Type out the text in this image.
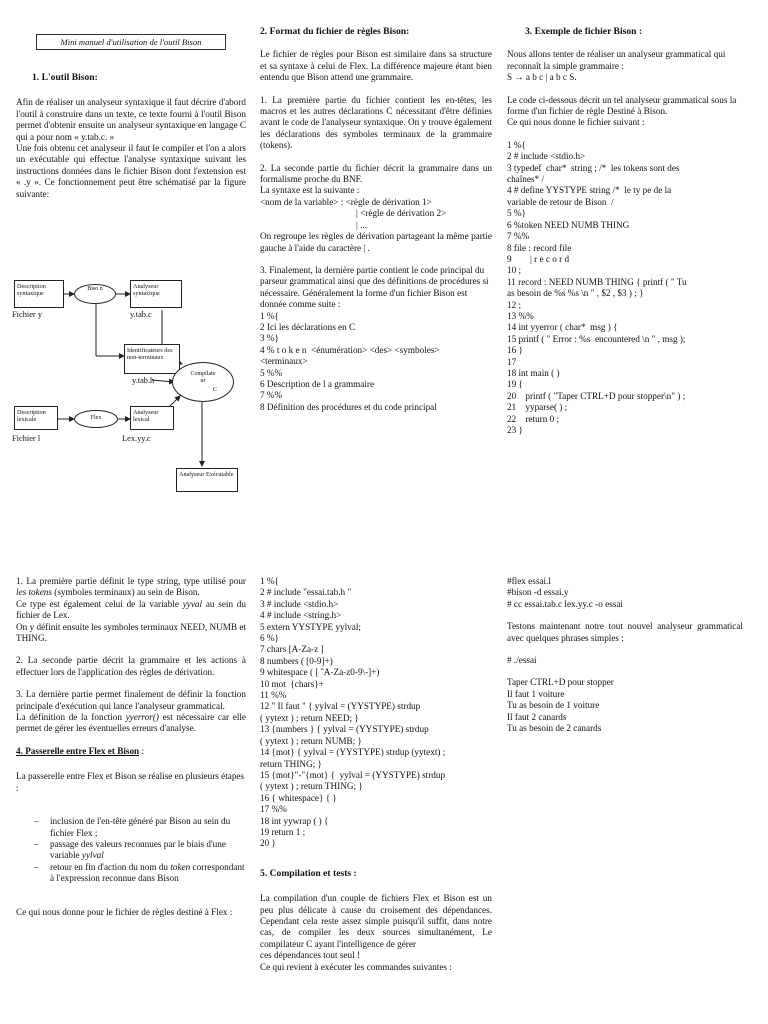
Mini manuel d'utilisation de l'outil Bison

1. L'outil Bison:

Afin de réaliser un analyseur syntaxique il faut décrire d'abord l'outil à construire dans un texte, ce texte fourni à l'outil Bison permet d'obtenir ensuite un analyseur syntaxique en langage C qui a pour nom « y.tab.c. »

Une fois obtenu cet analyseur il faut le compiler et l'on a alors un exécutable qui effectue l'analyse syntaxique suivant les instructions données dans le fichier Bison dont l'extension est « .y ». Ce fonctionnement peut être schématisé par la figure suivante:

Description syntaxique
Biso n	Analyseur syntaxique
Fichier y	y.tab.c
Identificateurs des non-terminaux
y.tab.h
Compilate ur
C
Description lexicale	Flex
Analyseur lexical
Fichier l	Lex.yy.c
Analyseur Exécutable

2. Format du fichier de règles Bison:

Le fichier de règles pour Bison est similaire dans sa structure et sa syntaxe à celui de Flex. La différence majeure étant bien entendu que Bison attend une grammaire.

1. La première partie du fichier contient les en-têtes, les macros et les autres déclarations C nécessitant d'être définies avant le code de l'analyseur syntaxique. On y trouve également les déclarations des symboles terminaux de la grammaire (tokens).

2. La seconde partie du fichier décrit la grammaire dans un formalisme proche du BNF.

La syntaxe est la suivante :

<nom de la variable> : <règle de dérivation 1>
| <règle de dérivation 2>
| ...

On regroupe les règles de dérivation partageant la même partie gauche à l'aide du caractère | .

3. Finalement, la dernière partie contient le code principal du parseur grammatical ainsi que des définitions de procédures si nécessaire. Généralement la forme d'un fichier Bison est donnée comme suite :

1 %{
2 Ici les déclarations en C
3 %}
4 % t o k e n  <énumération> <des> <symboles>
<terminaux>
5 %%
6 Description de l a grammaire
7 %%
8 Définition des procédures et du code principal

3. Exemple de fichier Bison :

Nous allons tenter de réaliser un analyseur grammatical qui reconnaît la simple grammaire :

S → a b c | a b c S.

Le code ci-dessous décrit un tel analyseur grammatical sous la forme d'un fichier de règle Destiné à Bison.

Ce qui nous donne le fichier suivant :

1 %{
2 # include <stdio.h>
3 typedef  char*  string ; /*  les tokens sont des
chaînes* /
4 # define YYSTYPE string /*  le ty pe de la
variable de retour de Bison  /
5 %}
6 %token NEED NUMB THING
7 %%
8 file : record file
9        | r e c o r d
10 ;
11 record : NEED NUMB THING { printf ( " Tu
as besoin de %s %s \n " , $2 , $3 ) ; }
12 ;
13 %%
14 int yyerror ( char*  msg ) {
15 printf ( " Error : %s  encountered \n " , msg );
16 }
17
18 int main ( )
19 {
20    printf ( "Taper CTRL+D pour stopper\n" ) ;
21    yyparse( ) ;
22    return 0 ;
23 }

1. La première partie définit le type string, type utilisé pour les tokens (symboles terminaux) au sein de Bison.

Ce type est également celui de la variable yyval au sein du fichier de Lex.

On y définit ensuite les symboles terminaux NEED, NUMB et THING.

2. La seconde partie décrit la grammaire et les actions à effectuer lors de l'application des règles de dérivation.

3. La dernière partie permet finalement de définir la fonction principale d'exécution qui lance l'analyseur grammatical.

La définition de la fonction yyerror() est nécessaire car elle permet de gérer les éventuelles erreurs d'analyse.

4. Passerelle entre Flex et Bison :

La passerelle entre Flex et Bison se réalise en plusieurs étapes :

– inclusion de l'en-tête généré par Bison au sein du fichier Flex ;
– passage des valeurs reconnues par le biais d'une variable yylval
– retour en fin d'action du nom du token correspondant à l'expression reconnue dans Bison

Ce qui nous donne pour le fichier de règles destiné à Flex :

1 %{
2 # include "essai.tab.h "
3 # include <stdio.h>
4 # include <string.h>
5 extern YYSTYPE yylval;
6 %}
7 chars [A-Za-z ]
8 numbers ( [0-9]+)
9 whitespace ( [ ˆA-Za-z0-9\-]+)
10 mot  {chars}+
11 %%
12 " Il faut " { yylval = (YYSTYPE) strdup
( yytext ) ; return NEED; }
13 {numbers } { yylval = (YYSTYPE) strdup
( yytext ) ; return NUMB; }
14 {mot} { yylval = (YYSTYPE) strdup (yytext) ;
return THING; }
15 {mot}"-"{mot} {  yylval = (YYSTYPE) strdup
( yytext ) ; return THING; }
16 { whitespace} { }
17 %%
18 int yywrap ( ) {
19 return 1 ;
20 }

5. Compilation et tests :

La compilation d'un couple de fichiers Flex et Bison est un peu plus délicate à cause du croisement des dépendances. Cependant cela reste assez simple puisqu'il suffit, dans notre cas, de compiler les deux sources simultanément, Le compilateur C ayant l'intelligence de gérer

ces dépendances tout seul !

Ce qui revient à exécuter les commandes suivantes :

#flex essai.l
#bison -d essai.y
# cc essai.tab.c lex.yy.c -o essai

Testons maintenant notre tout nouvel analyseur grammatical avec quelques phrases simples :

# ./essai

Taper CTRL+D pour stopper
Il faut 1 voiture
Tu as besoin de 1 voiture
Il faut 2 canards
Tu as besoin de 2 canards
